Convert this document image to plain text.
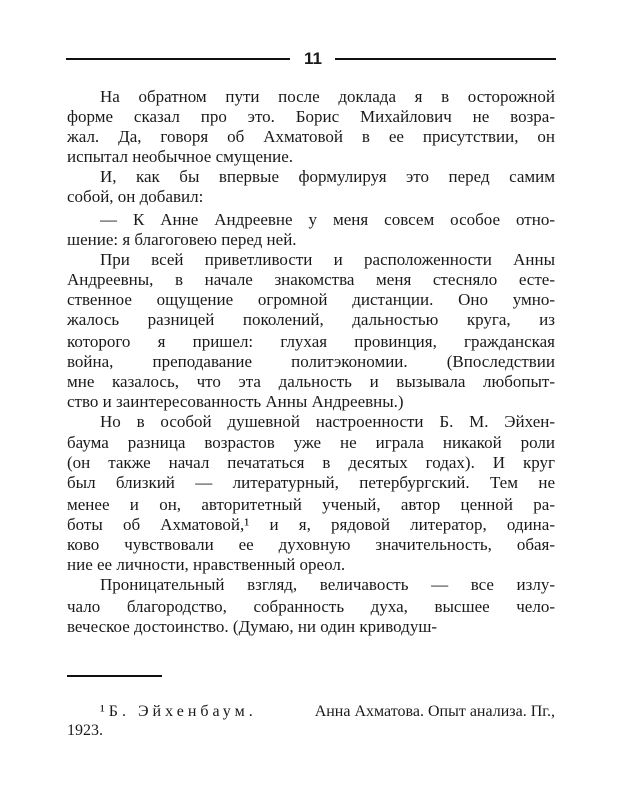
11
На обратном пути после доклада я в осторожной
форме сказал про это. Борис Михайлович не возра-
жал. Да, говоря об Ахматовой в ее присутствии, он
испытал необычное смущение.
И, как бы впервые формулируя это перед самим
собой, он добавил:
— К Анне Андреевне у меня совсем особое отно-
шение: я благоговею перед ней.
При всей приветливости и расположенности Анны
Андреевны, в начале знакомства меня стесняло есте-
ственное ощущение огромной дистанции. Оно умно-
жалось разницей поколений, дальностью круга, из
которого я пришел: глухая провинция, гражданская
война, преподавание политэкономии. (Впоследствии
мне казалось, что эта дальность и вызывала любопыт-
ство и заинтересованность Анны Андреевны.)
Но в особой душевной настроенности Б. М. Эйхен-
баума разница возрастов уже не играла никакой роли
(он также начал печататься в десятых годах). И круг
был близкий — литературный, петербургский. Тем не
менее и он, авторитетный ученый, автор ценной ра-
боты об Ахматовой,¹ и я, рядовой литератор, одина-
ково чувствовали ее духовную значительность, обая-
ние ее личности, нравственный ореол.
Проницательный взгляд, величавость — все излу-
чало благородство, собранность духа, высшее чело-
веческое достоинство. (Думаю, ни один криводуш-
¹ Б. Эйхенбаум.	Анна Ахматова. Опыт анализа. Пг.,
1923.
